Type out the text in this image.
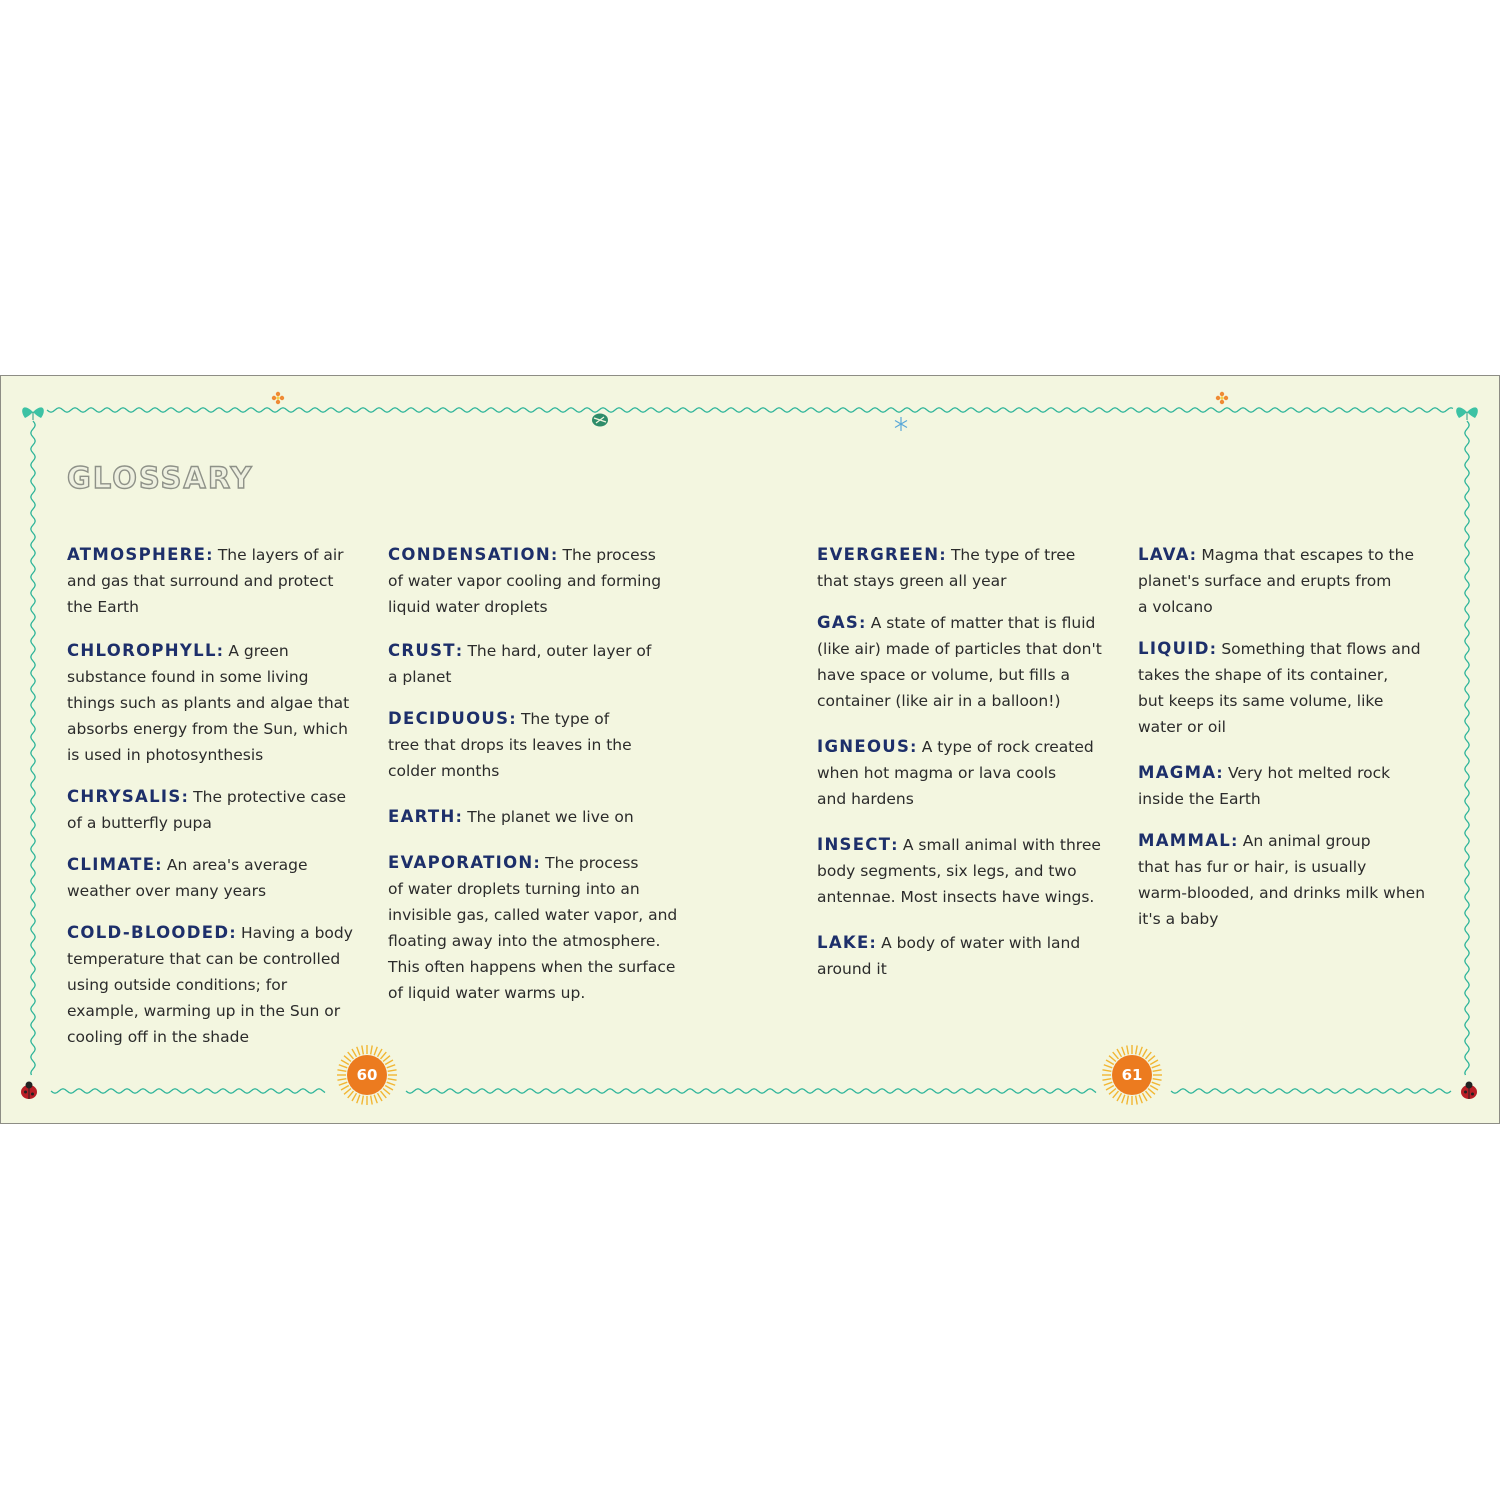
GLOSSARY

ATMOSPHERE: The layers of air
and gas that surround and protect
the Earth

CHLOROPHYLL: A green
substance found in some living
things such as plants and algae that
absorbs energy from the Sun, which
is used in photosynthesis

CHRYSALIS: The protective case
of a butterfly pupa

CLIMATE: An area's average
weather over many years

COLD-BLOODED: Having a body
temperature that can be controlled
using outside conditions; for
example, warming up in the Sun or
cooling off in the shade

CONDENSATION: The process
of water vapor cooling and forming
liquid water droplets

CRUST: The hard, outer layer of
a planet

DECIDUOUS: The type of
tree that drops its leaves in the
colder months

EARTH: The planet we live on

EVAPORATION: The process
of water droplets turning into an
invisible gas, called water vapor, and
floating away into the atmosphere.
This often happens when the surface
of liquid water warms up.

EVERGREEN: The type of tree
that stays green all year

GAS: A state of matter that is fluid
(like air) made of particles that don't
have space or volume, but fills a
container (like air in a balloon!)

IGNEOUS: A type of rock created
when hot magma or lava cools
and hardens

INSECT: A small animal with three
body segments, six legs, and two
antennae. Most insects have wings.

LAKE: A body of water with land
around it

LAVA: Magma that escapes to the
planet's surface and erupts from
a volcano

LIQUID: Something that flows and
takes the shape of its container,
but keeps its same volume, like
water or oil

MAGMA: Very hot melted rock
inside the Earth

MAMMAL: An animal group
that has fur or hair, is usually
warm-blooded, and drinks milk when
it's a baby

60	61
